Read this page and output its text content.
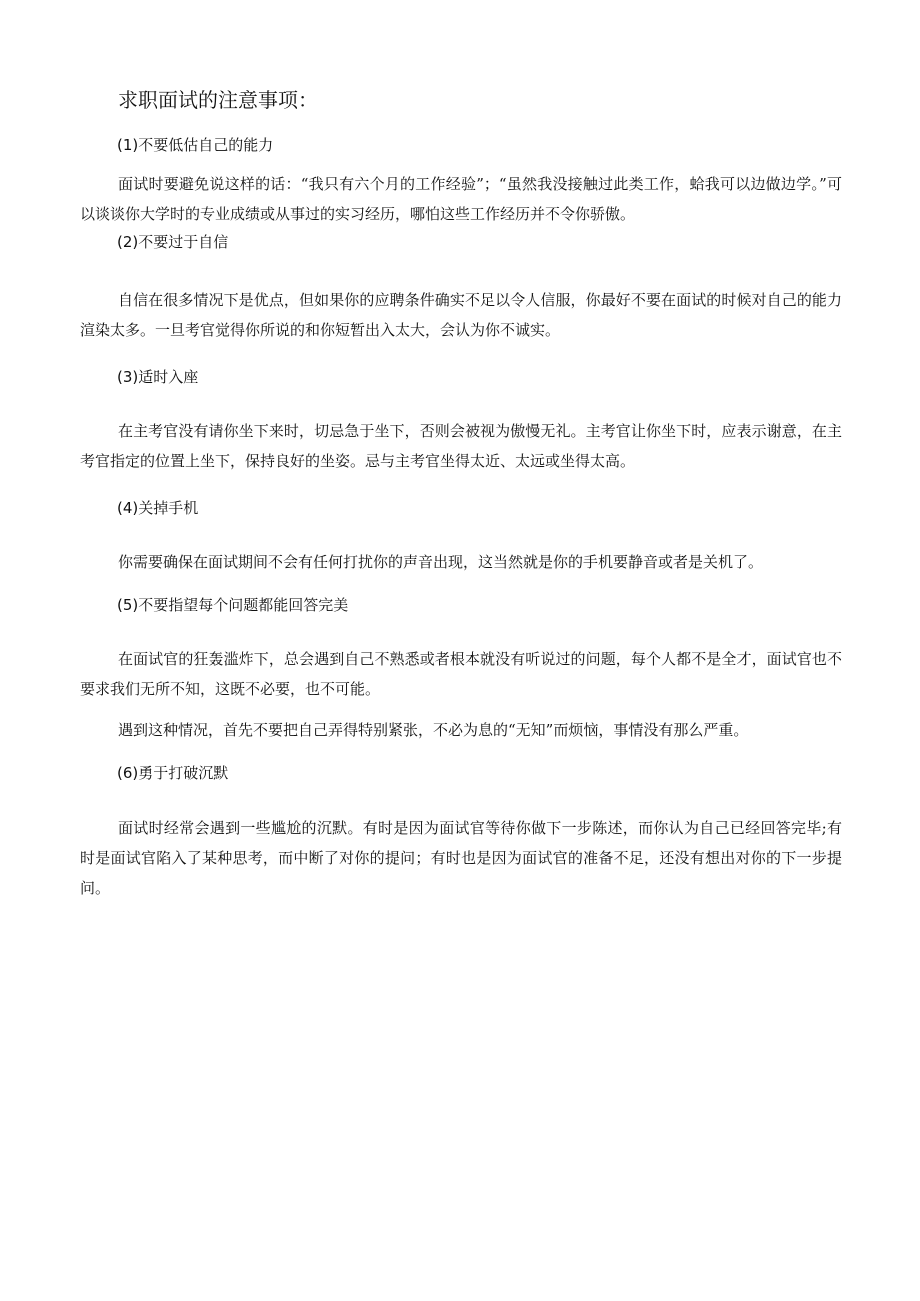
求职面试的注意事项：
(1)不要低估自己的能力
面试时要避免说这样的话：“我只有六个月的工作经验”；“虽然我没接触过此类工作，蛤我可以边做边学。”可以谈谈你大学时的专业成绩或从事过的实习经历，哪怕这些工作经历并不令你骄傲。
(2)不要过于自信
自信在很多情况下是优点，但如果你的应聘条件确实不足以令人信服，你最好不要在面试的时候对自己的能力渲染太多。一旦考官觉得你所说的和你短暂出入太大，会认为你不诚实。
(3)适时入座
在主考官没有请你坐下来时，切忌急于坐下，否则会被视为傲慢无礼。主考官让你坐下时，应表示谢意，在主考官指定的位置上坐下，保持良好的坐姿。忌与主考官坐得太近、太远或坐得太高。
(4)关掉手机
你需要确保在面试期间不会有任何打扰你的声音出现，这当然就是你的手机要静音或者是关机了。
(5)不要指望每个问题都能回答完美
在面试官的狂轰滥炸下，总会遇到自己不熟悉或者根本就没有听说过的问题，每个人都不是全才，面试官也不要求我们无所不知，这既不必要，也不可能。
遇到这种情况，首先不要把自己弄得特别紧张，不必为息的“无知”而烦恼，事情没有那么严重。
(6)勇于打破沉默
面试时经常会遇到一些尴尬的沉默。有时是因为面试官等待你做下一步陈述，而你认为自己已经回答完毕;有时是面试官陷入了某种思考，而中断了对你的提问；有时也是因为面试官的准备不足，还没有想出对你的下一步提问。
